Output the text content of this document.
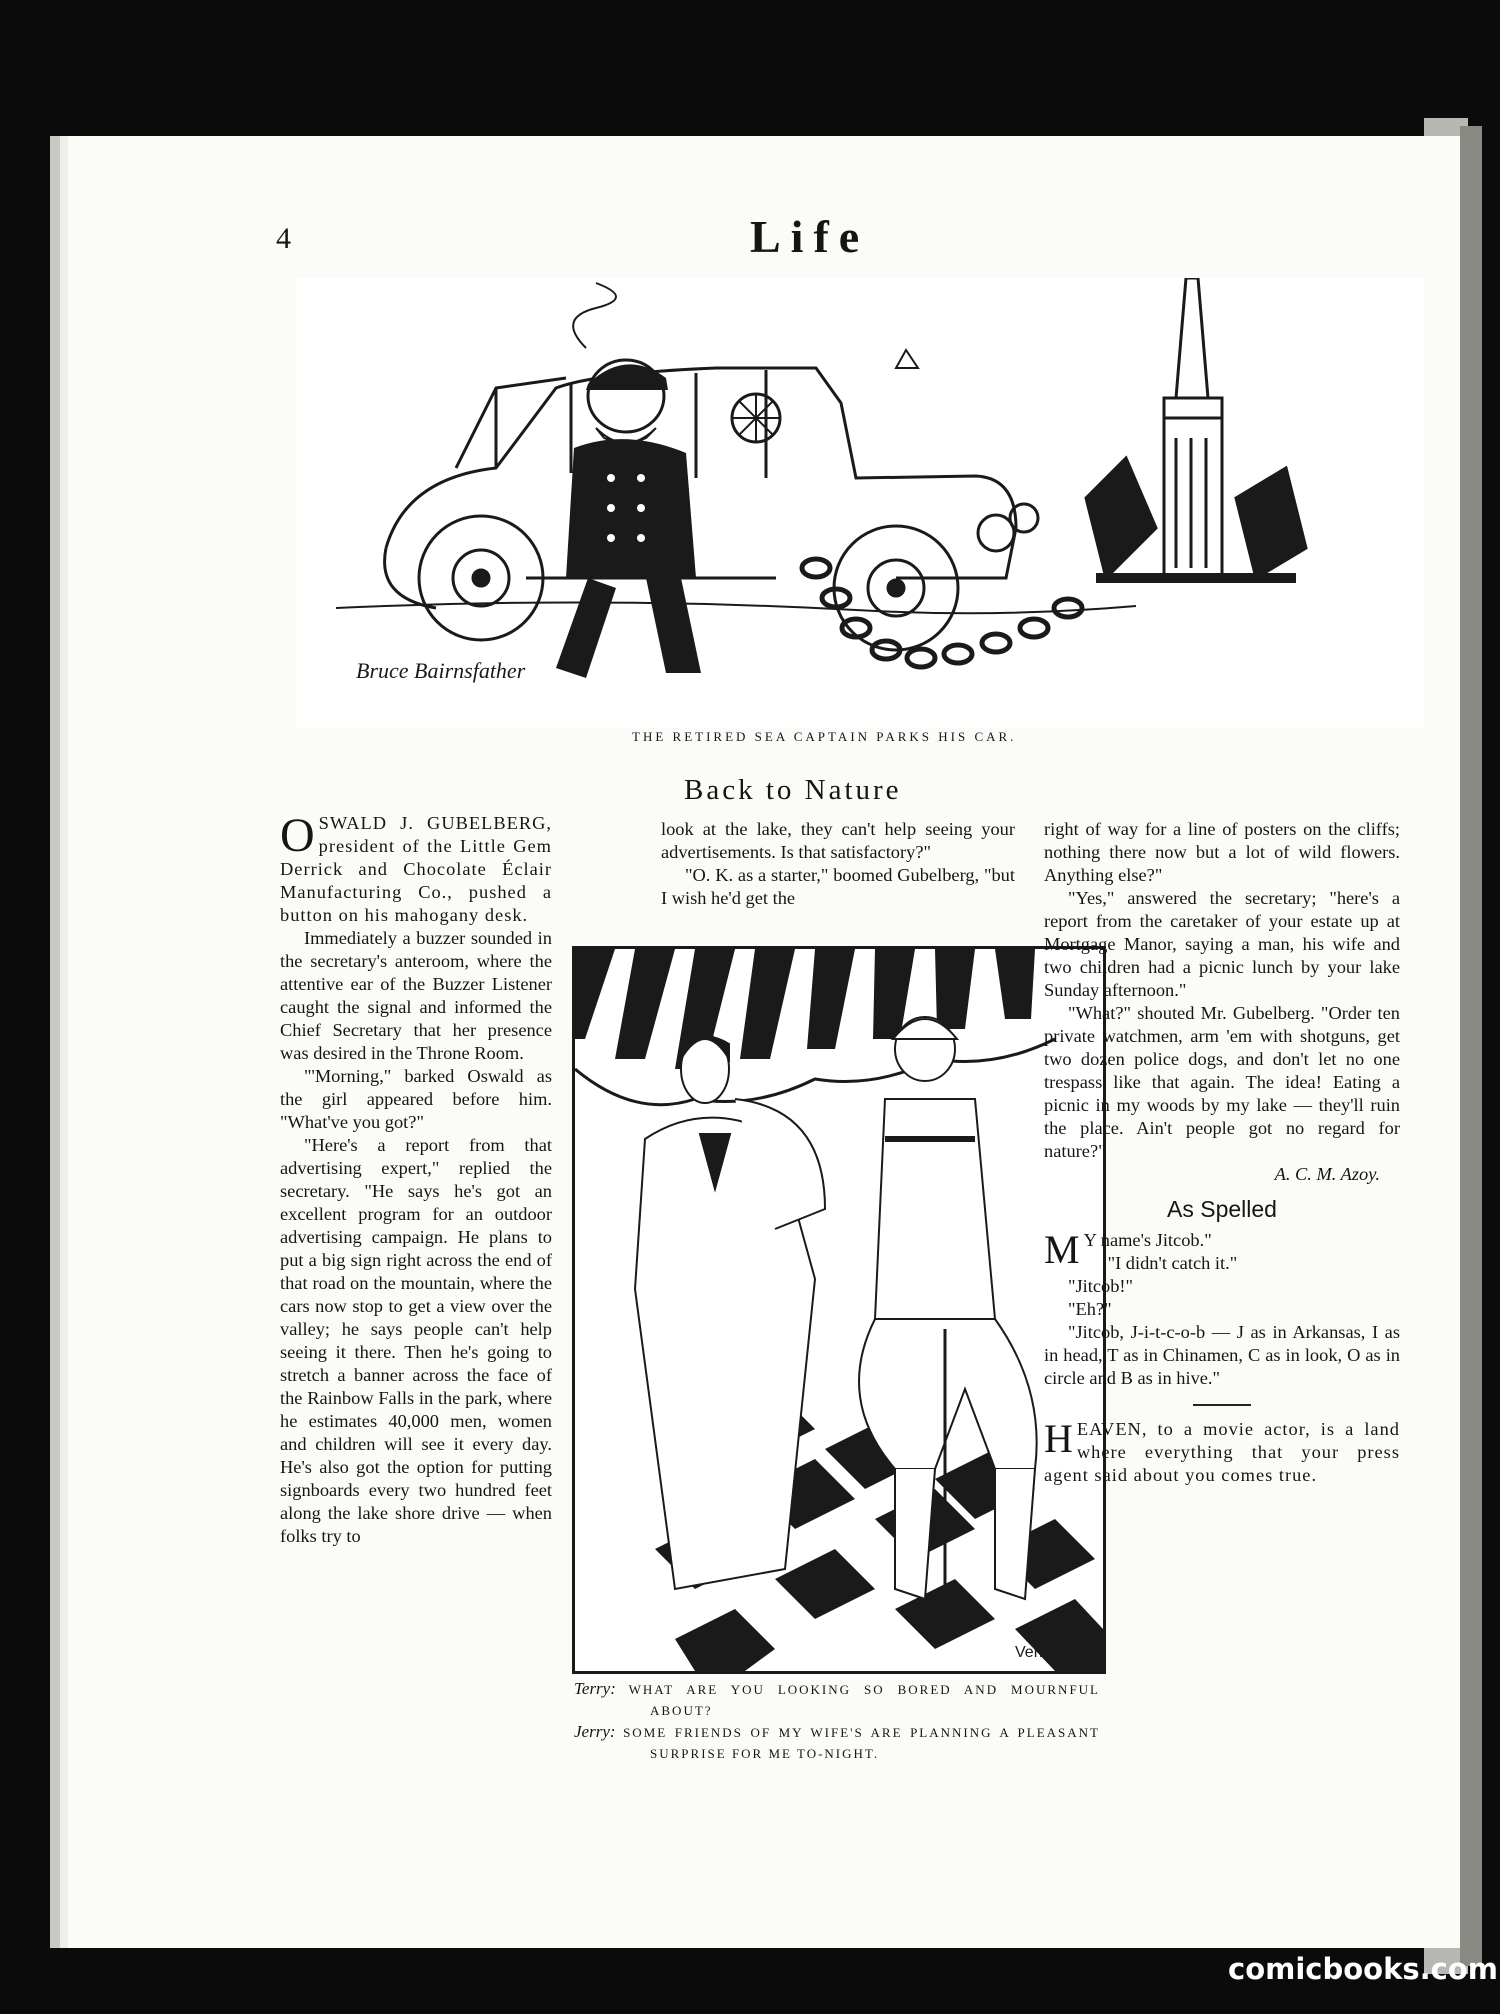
4	Life
Bruce Bairnsfather
THE RETIRED SEA CAPTAIN PARKS HIS CAR.
Back to Nature

OSWALD J. GUBELBERG, president of the Little Gem Derrick and Chocolate Éclair Manufacturing Co., pushed a button on his mahogany desk.

Immediately a buzzer sounded in the secretary's anteroom, where the attentive ear of the Buzzer Listener caught the signal and informed the Chief Secretary that her presence was desired in the Throne Room.

"'Morning," barked Oswald as the girl appeared before him. "What've you got?"

"Here's a report from that advertising expert," replied the secretary. "He says he's got an excellent program for an outdoor advertising campaign. He plans to put a big sign right across the end of that road on the mountain, where the cars now stop to get a view over the valley; he says people can't help seeing it there. Then he's going to stretch a banner across the face of the Rainbow Falls in the park, where he estimates 40,000 men, women and children will see it every day. He's also got the option for putting signboards every two hundred feet along the lake shore drive — when folks try to

look at the lake, they can't help seeing your advertisements. Is that satisfactory?"

"O. K. as a starter," boomed Gubelberg, "but I wish he'd get the

Vernon
Terry: WHAT ARE YOU LOOKING SO BORED AND MOURNFUL ABOUT?
Jerry: SOME FRIENDS OF MY WIFE'S ARE PLANNING A PLEASANT SURPRISE FOR ME TO-NIGHT.

right of way for a line of posters on the cliffs; nothing there now but a lot of wild flowers. Anything else?"

"Yes," answered the secretary; "here's a report from the caretaker of your estate up at Mortgage Manor, saying a man, his wife and two children had a picnic lunch by your lake Sunday afternoon."

"What?" shouted Mr. Gubelberg. "Order ten private watchmen, arm 'em with shotguns, get two dozen police dogs, and don't let no one trespass like that again. The idea! Eating a picnic in my woods by my lake — they'll ruin the place. Ain't people got no regard for nature?"

A. C. M. Azoy.

As Spelled

M Y name's Jitcob."

"I didn't catch it."

"Jitcob!"

"Eh?"

"Jitcob, J-i-t-c-o-b — J as in Arkansas, I as in head, T as in Chinamen, C as in look, O as in circle and B as in hive."

HEAVEN, to a movie actor, is a land where everything that your press agent said about you comes true.

comicbooks.com
